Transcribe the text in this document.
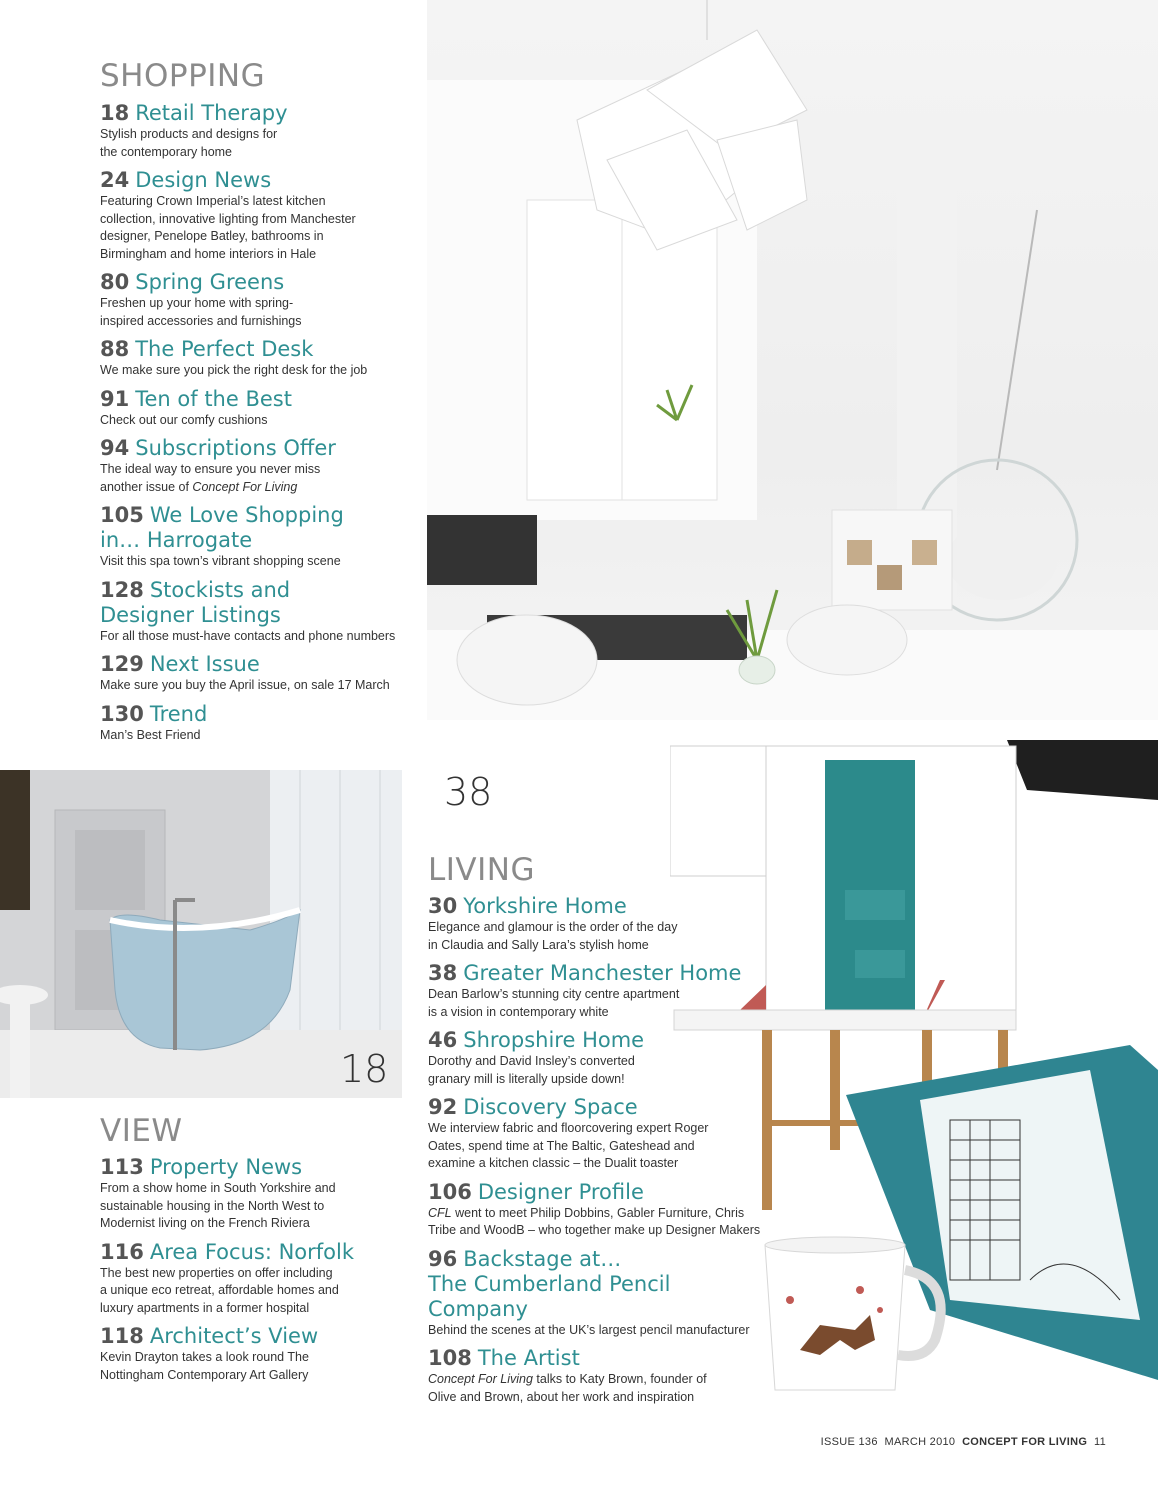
38
18
SHOPPING

18 Retail Therapy

Stylish products and designs for
the contemporary home

24 Design News

Featuring Crown Imperial’s latest kitchen
collection, innovative lighting from Manchester
designer, Penelope Batley, bathrooms in
Birmingham and home interiors in Hale

80 Spring Greens

Freshen up your home with spring-
inspired accessories and furnishings

88 The Perfect Desk

We make sure you pick the right desk for the job

91 Ten of the Best

Check out our comfy cushions

94 Subscriptions Offer

The ideal way to ensure you never miss
another issue of Concept For Living

105 We Love Shopping
in… Harrogate

Visit this spa town’s vibrant shopping scene

128 Stockists and
Designer Listings

For all those must-have contacts and phone numbers

129 Next Issue

Make sure you buy the April issue, on sale 17 March

130 Trend

Man’s Best Friend

VIEW

113 Property News

From a show home in South Yorkshire and
sustainable housing in the North West to
Modernist living on the French Riviera

116 Area Focus: Norfolk

The best new properties on offer including
a unique eco retreat, affordable homes and
luxury apartments in a former hospital

118 Architect’s View

Kevin Drayton takes a look round The
Nottingham Contemporary Art Gallery

LIVING

30 Yorkshire Home

Elegance and glamour is the order of the day
in Claudia and Sally Lara’s stylish home

38 Greater Manchester Home

Dean Barlow’s stunning city centre apartment
is a vision in contemporary white

46 Shropshire Home

Dorothy and David Insley’s converted
granary mill is literally upside down!

92 Discovery Space

We interview fabric and floorcovering expert Roger
Oates, spend time at The Baltic, Gateshead and
examine a kitchen classic – the Dualit toaster

106 Designer Profile

CFL went to meet Philip Dobbins, Gabler Furniture, Chris
Tribe and WoodB – who together make up Designer Makers

96 Backstage at…
The Cumberland Pencil Company

Behind the scenes at the UK’s largest pencil manufacturer

108 The Artist

Concept For Living talks to Katy Brown, founder of
Olive and Brown, about her work and inspiration

ISSUE 136 MARCH 2010 CONCEPT FOR LIVING 11
